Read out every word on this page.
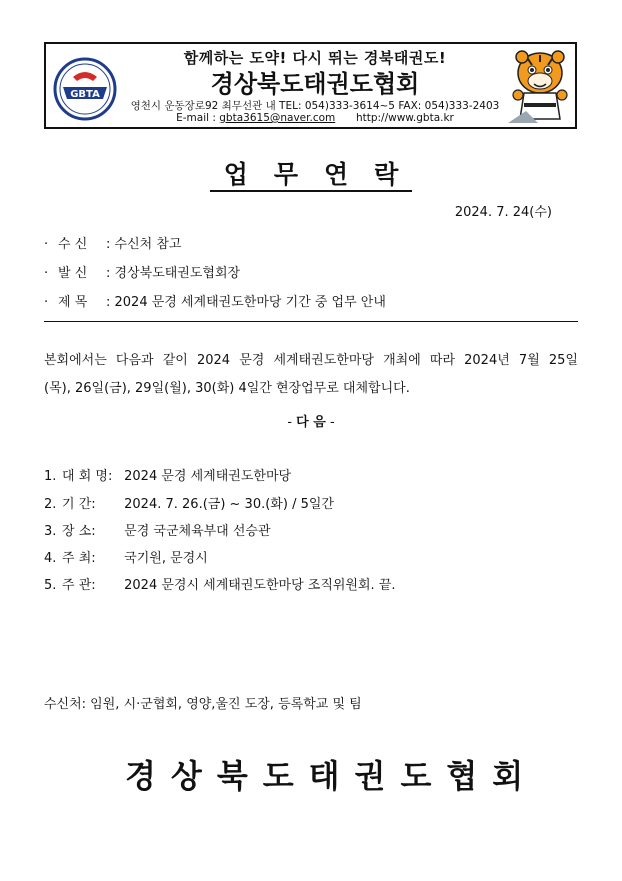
GBTA
함께하는 도약! 다시 뛰는 경북태권도!
경상북도태권도협회
영천시 운동장로92 최무선관 내 TEL: 054)333-3614~5 FAX: 054)333-2403
E-mail : gbta3615@naver.com http://www.gbta.kr
업무연락
2024. 7. 24(수)
· 수 신 : 수신처 참고
· 발 신 : 경상북도태권도협회장
· 제 목 : 2024 문경 세계태권도한마당 기간 중 업무 안내
본회에서는 다음과 같이 2024 문경 세계태권도한마당 개최에 따라 2024년 7월 25일
(목), 26일(금), 29일(월), 30(화) 4일간 현장업무로 대체합니다.
- 다 음 -
1. 대 회 명: 2024 문경 세계태권도한마당
2. 기 간: 2024. 7. 26.(금) ~ 30.(화) / 5일간
3. 장 소: 문경 국군체육부대 선승관
4. 주 최: 국기원, 문경시
5. 주 관: 2024 문경시 세계태권도한마당 조직위원회. 끝.
수신처: 임원, 시·군협회, 영양,울진 도장, 등록학교 및 팀
경상북도태권도협회
